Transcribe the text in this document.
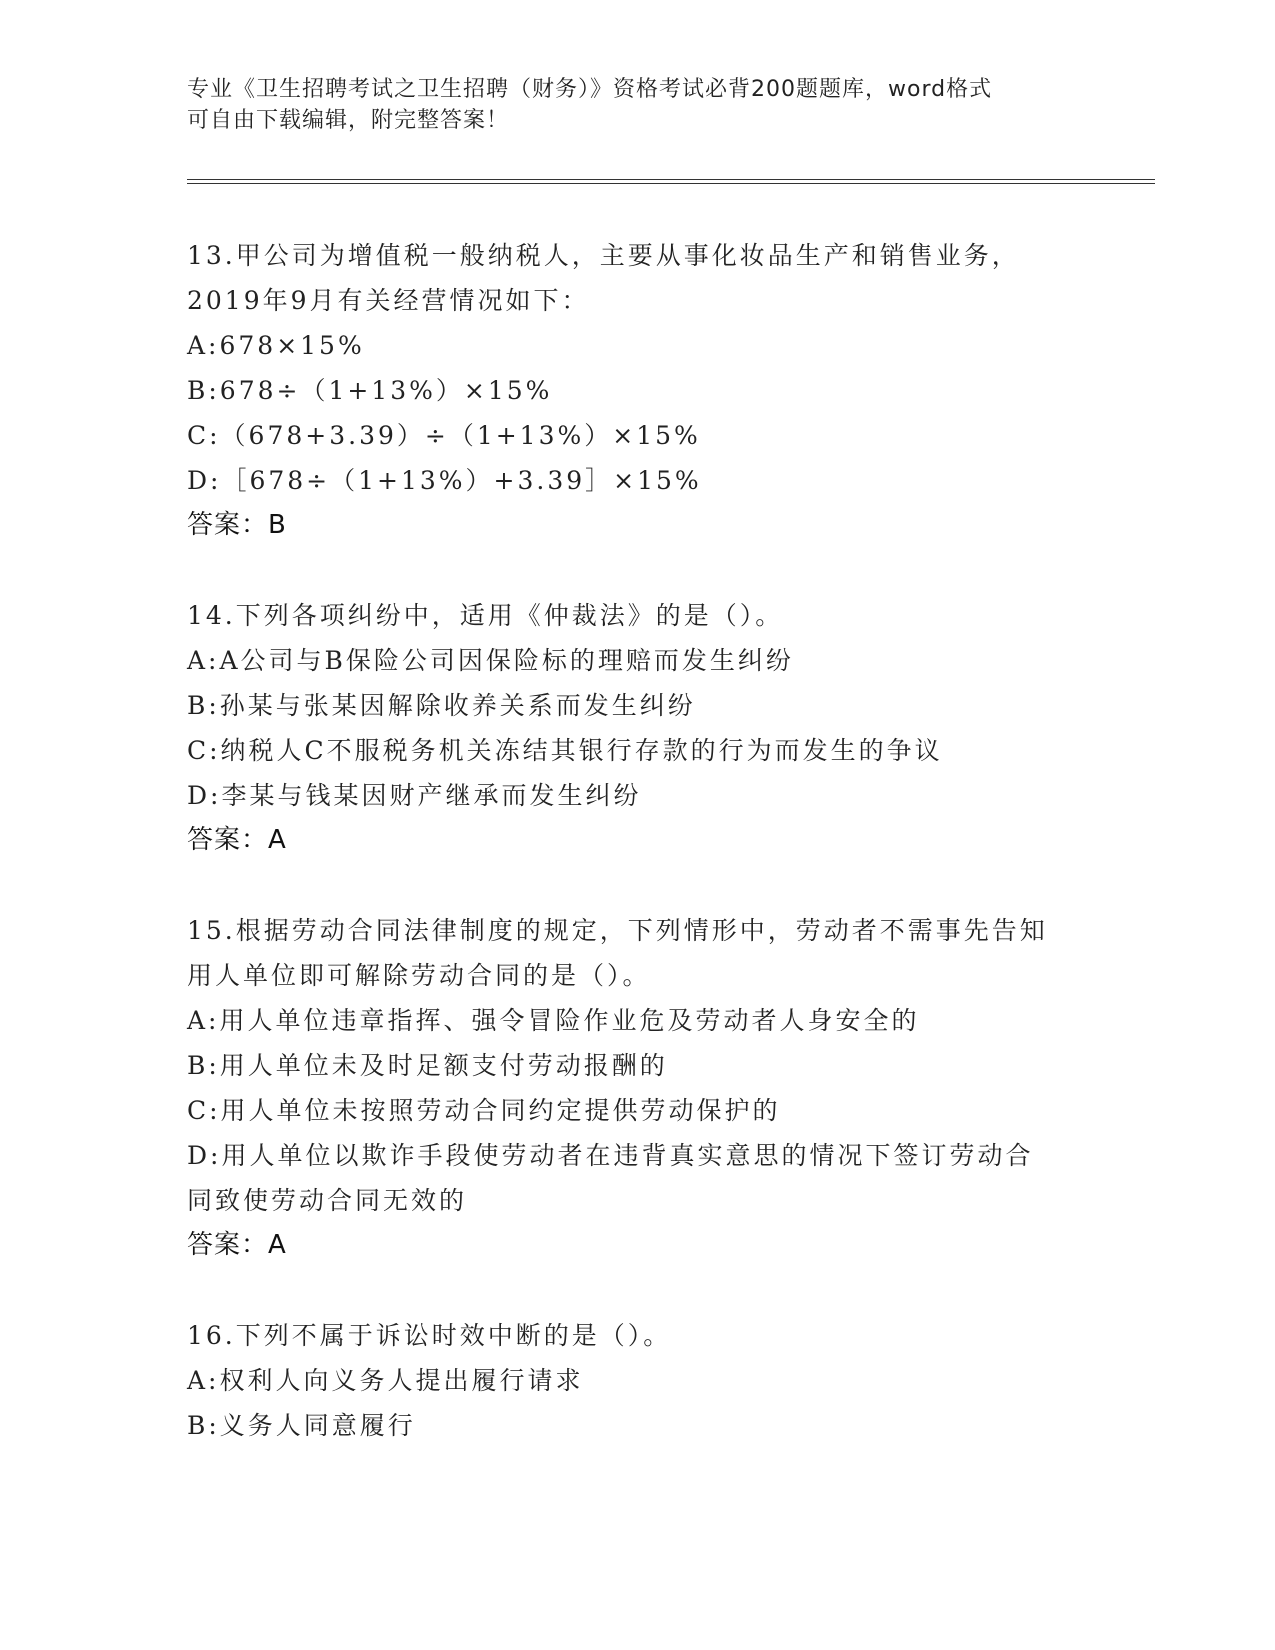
专业《卫生招聘考试之卫生招聘（财务）》资格考试必背200题题库，word格式
可自由下载编辑，附完整答案！
13.甲公司为增值税一般纳税人，主要从事化妆品生产和销售业务，
2019年9月有关经营情况如下：
A:678×15%
B:678÷（1+13%）×15%
C:（678+3.39）÷（1+13%）×15%
D:［678÷（1+13%）+3.39］×15%
答案：B
14.下列各项纠纷中，适用《仲裁法》的是（）。
A:A公司与B保险公司因保险标的理赔而发生纠纷
B:孙某与张某因解除收养关系而发生纠纷
C:纳税人C不服税务机关冻结其银行存款的行为而发生的争议
D:李某与钱某因财产继承而发生纠纷
答案：A
15.根据劳动合同法律制度的规定，下列情形中，劳动者不需事先告知
用人单位即可解除劳动合同的是（）。
A:用人单位违章指挥、强令冒险作业危及劳动者人身安全的
B:用人单位未及时足额支付劳动报酬的
C:用人单位未按照劳动合同约定提供劳动保护的
D:用人单位以欺诈手段使劳动者在违背真实意思的情况下签订劳动合
同致使劳动合同无效的
答案：A
16.下列不属于诉讼时效中断的是（）。
A:权利人向义务人提出履行请求
B:义务人同意履行
